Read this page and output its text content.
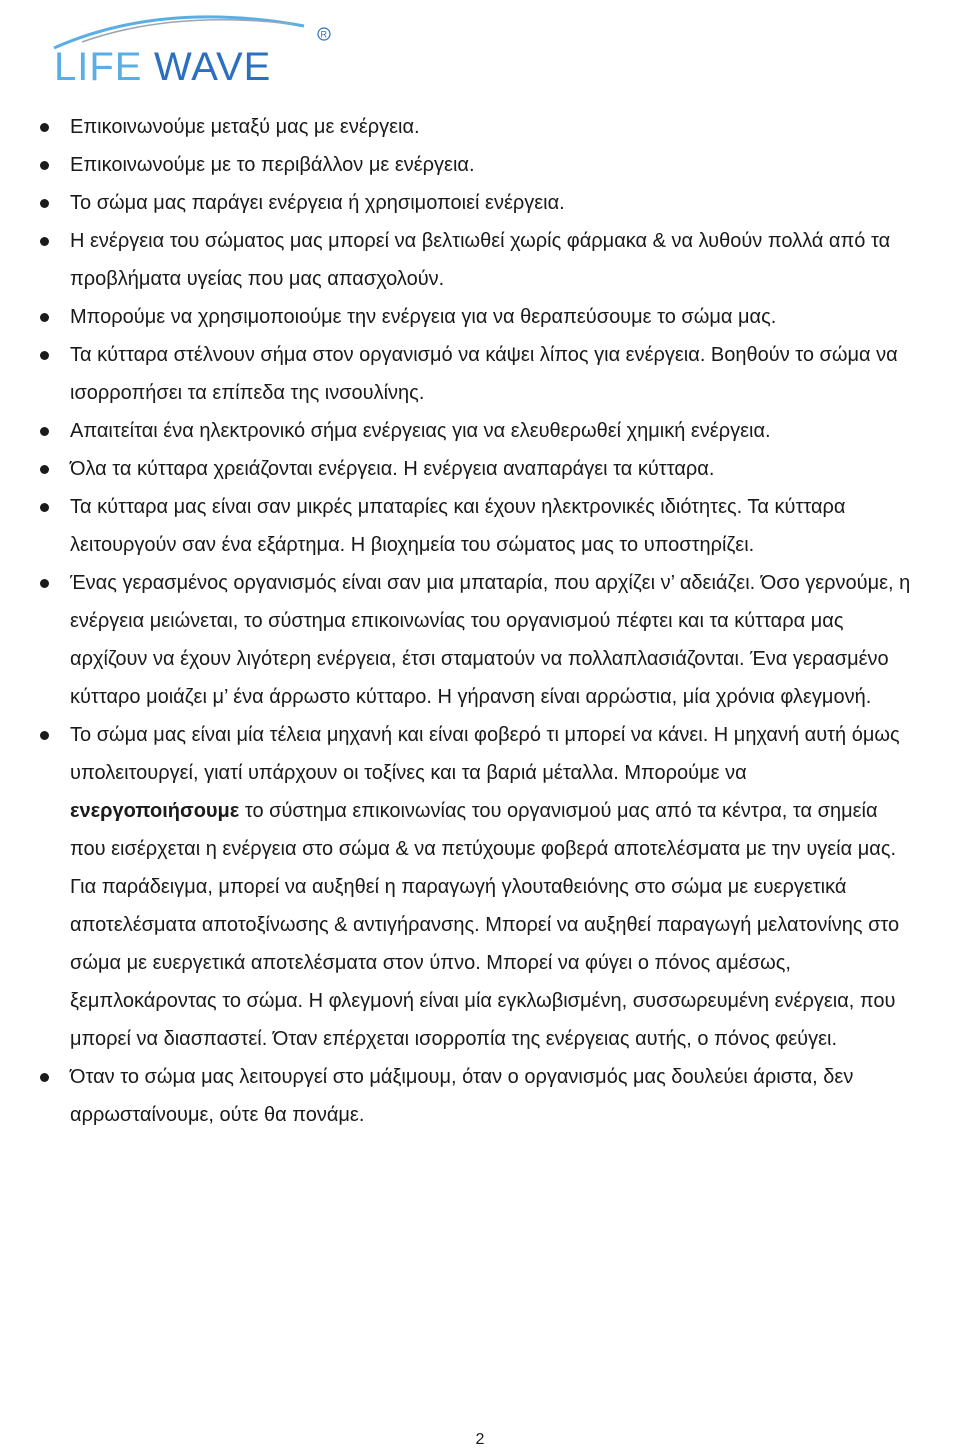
LIFE WAVE
R
Επικοινωνούμε μεταξύ μας με ενέργεια.
Επικοινωνούμε με το περιβάλλον με ενέργεια.
Το σώμα μας παράγει ενέργεια ή χρησιμοποιεί ενέργεια.
Η ενέργεια του σώματος μας μπορεί να βελτιωθεί χωρίς φάρμακα & να λυθούν πολλά από τα προβλήματα υγείας που μας απασχολούν.
Μπορούμε να χρησιμοποιούμε την ενέργεια για να θεραπεύσουμε το σώμα μας.
Τα κύτταρα στέλνουν σήμα στον οργανισμό να κάψει λίπος για ενέργεια. Βοηθούν το σώμα να ισορροπήσει τα επίπεδα της ινσουλίνης.
Απαιτείται ένα ηλεκτρονικό σήμα ενέργειας για να ελευθερωθεί χημική ενέργεια.
Όλα τα κύτταρα χρειάζονται ενέργεια. Η ενέργεια αναπαράγει τα κύτταρα.
Τα κύτταρα μας είναι σαν μικρές μπαταρίες και έχουν ηλεκτρονικές ιδιότητες. Τα κύτταρα λειτουργούν σαν ένα εξάρτημα. Η βιοχημεία του σώματος μας το υποστηρίζει.
Ένας γερασμένος οργανισμός είναι σαν μια μπαταρία, που αρχίζει ν’ αδειάζει. Όσο γερνούμε, η ενέργεια μειώνεται, το σύστημα επικοινωνίας του οργανισμού πέφτει και τα κύτταρα μας αρχίζουν να έχουν λιγότερη ενέργεια, έτσι σταματούν να πολλαπλασιάζονται. Ένα γερασμένο κύτταρο μοιάζει μ’ ένα άρρωστο κύτταρο. Η γήρανση είναι αρρώστια, μία χρόνια φλεγμονή.
Το σώμα μας είναι μία τέλεια μηχανή και είναι φοβερό τι μπορεί να κάνει. Η μηχανή αυτή όμως υπολειτουργεί, γιατί υπάρχουν οι τοξίνες και τα βαριά μέταλλα. Μπορούμε να ενεργοποιήσουμε το σύστημα επικοινωνίας του οργανισμού μας από τα κέντρα, τα σημεία που εισέρχεται η ενέργεια στο σώμα & να πετύχουμε φοβερά αποτελέσματα με την υγεία μας. Για παράδειγμα, μπορεί να αυξηθεί η παραγωγή γλουταθειόνης στο σώμα με ευεργετικά αποτελέσματα αποτοξίνωσης & αντιγήρανσης. Μπορεί να αυξηθεί παραγωγή μελατονίνης στο σώμα με ευεργετικά αποτελέσματα στον ύπνο. Μπορεί να φύγει ο πόνος αμέσως, ξεμπλοκάροντας το σώμα. Η φλεγμονή είναι μία εγκλωβισμένη, συσσωρευμένη ενέργεια, που μπορεί να διασπαστεί. Όταν επέρχεται ισορροπία της ενέργειας αυτής, ο πόνος φεύγει.
Όταν το σώμα μας λειτουργεί στο μάξιμουμ, όταν ο οργανισμός μας δουλεύει άριστα, δεν αρρωσταίνουμε, ούτε θα πονάμε.
2
